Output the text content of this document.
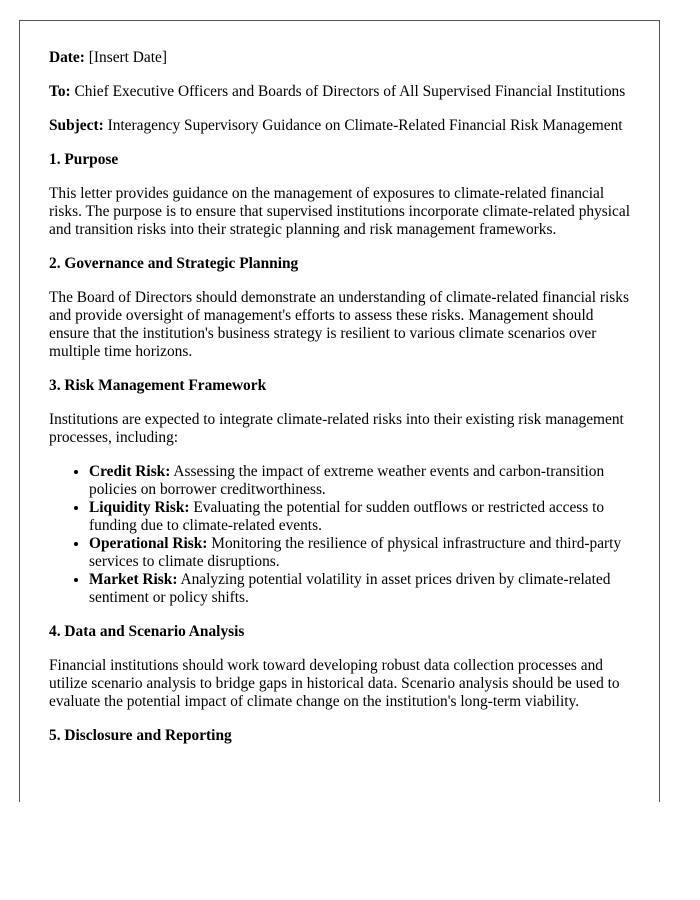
Date: [Insert Date]
To: Chief Executive Officers and Boards of Directors of All Supervised Financial Institutions
Subject: Interagency Supervisory Guidance on Climate-Related Financial Risk Management
1. Purpose
This letter provides guidance on the management of exposures to climate-related financial risks. The purpose is to ensure that supervised institutions incorporate climate-related physical and transition risks into their strategic planning and risk management frameworks.
2. Governance and Strategic Planning
The Board of Directors should demonstrate an understanding of climate-related financial risks and provide oversight of management's efforts to assess these risks. Management should ensure that the institution's business strategy is resilient to various climate scenarios over multiple time horizons.
3. Risk Management Framework
Institutions are expected to integrate climate-related risks into their existing risk management processes, including:
• Credit Risk: Assessing the impact of extreme weather events and carbon-transition policies on borrower creditworthiness.
• Liquidity Risk: Evaluating the potential for sudden outflows or restricted access to funding due to climate-related events.
• Operational Risk: Monitoring the resilience of physical infrastructure and third-party services to climate disruptions.
• Market Risk: Analyzing potential volatility in asset prices driven by climate-related sentiment or policy shifts.
4. Data and Scenario Analysis
Financial institutions should work toward developing robust data collection processes and utilize scenario analysis to bridge gaps in historical data. Scenario analysis should be used to evaluate the potential impact of climate change on the institution's long-term viability.
5. Disclosure and Reporting
